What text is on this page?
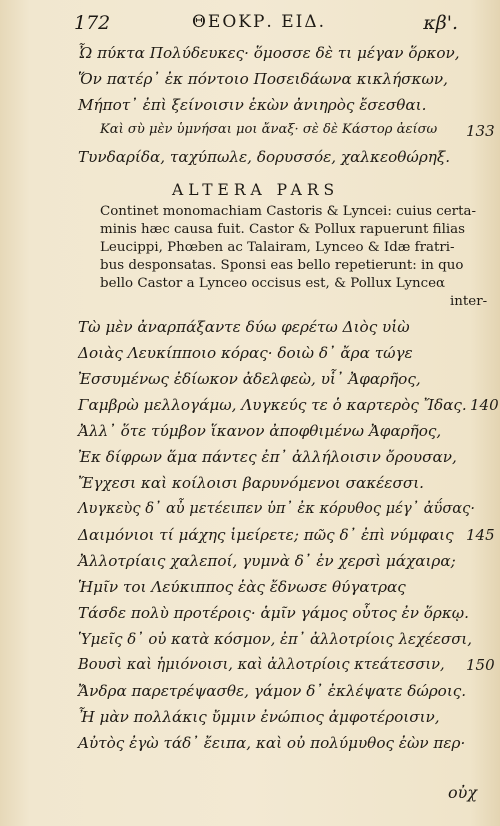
172	ΘΕΟΚΡ. ΕΙΔ.	κβ'.
Ὦ πύκτα Πολύδευκες· ὅμοσσε δὲ τι μέγαν ὅρκον,
Ὅν πατέρ᾽ ἐκ πόντοιο Ποσειδάωνα κικλήσκων,
Μήποτ᾽ ἐπὶ ξείνοισιν ἑκὼν ἀνιηρὸς ἔσεσθαι.
Καὶ σὺ μὲν ὑμνήσαι μοι ἄναξ· σὲ δὲ Κάστορ ἀείσω 133
Τυνδαρίδα, ταχύπωλε, δορυσσόε, χαλκεοθώρηξ.
ALTERA PARS
Continet monomachiam Castoris & Lyncei: cuius certa-
minis hæc causa fuit. Castor & Pollux rapuerunt filias
Leucippi, Phœben ac Talairam, Lynceo & Idæ fratri-
bus desponsatas. Sponsi eas bello repetierunt: in quo
bello Castor a Lynceo occisus est, & Pollux Lynceα
inter-
Τὼ μὲν ἀναρπάξαντε δύω φερέτω Διὸς υἱὼ
Δοιὰς Λευκίπποιο κόρας· δοιὼ δ᾽ ἄρα τώγε
Ἐσσυμένως ἐδίωκον ἀδελφεὼ, υἷ᾽ Ἀφαρῆος,
Γαμβρὼ μελλογάμω, Λυγκεύς τε ὁ καρτερὸς Ἴδας. 140
Ἀλλ᾽ ὅτε τύμβον ἵκανον ἀποφθιμένω Ἀφαρῆος,
Ἐκ δίφρων ἅμα πάντες ἐπ᾽ ἀλλήλοισιν ὄρουσαν,
Ἔγχεσι καὶ κοίλοισι βαρυνόμενοι σακέεσσι.
Λυγκεὺς δ᾽ αὖ μετέειπεν ὑπ᾽ ἐκ κόρυθος μέγ᾽ ἀΰσας·
Δαιμόνιοι τί μάχης ἱμείρετε; πῶς δ᾽ ἐπὶ νύμφαις 145
Ἀλλοτρίαις χαλεποί, γυμνὰ δ᾽ ἐν χερσὶ μάχαιρα;
Ἡμῖν τοι Λεύκιππος ἑὰς ἔδνωσε θύγατρας
Τάσδε πολὺ προτέροις· ἁμῖν γάμος οὗτος ἐν ὅρκῳ.
Ὑμεῖς δ᾽ οὐ κατὰ κόσμον, ἐπ᾽ ἀλλοτρίοις λεχέεσσι,
Βουσὶ καὶ ἡμιόνοισι, καὶ ἀλλοτρίοις κτεάτεσσιν, 150
Ἄνδρα παρετρέψασθε, γάμον δ᾽ ἐκλέψατε δώροις.
Ἦ μὰν πολλάκις ὔμμιν ἐνώπιος ἀμφοτέροισιν,
Αὐτὸς ἐγὼ τάδ᾽ ἔειπα, καὶ οὐ πολύμυθος ἐὼν περ·
οὐχ
